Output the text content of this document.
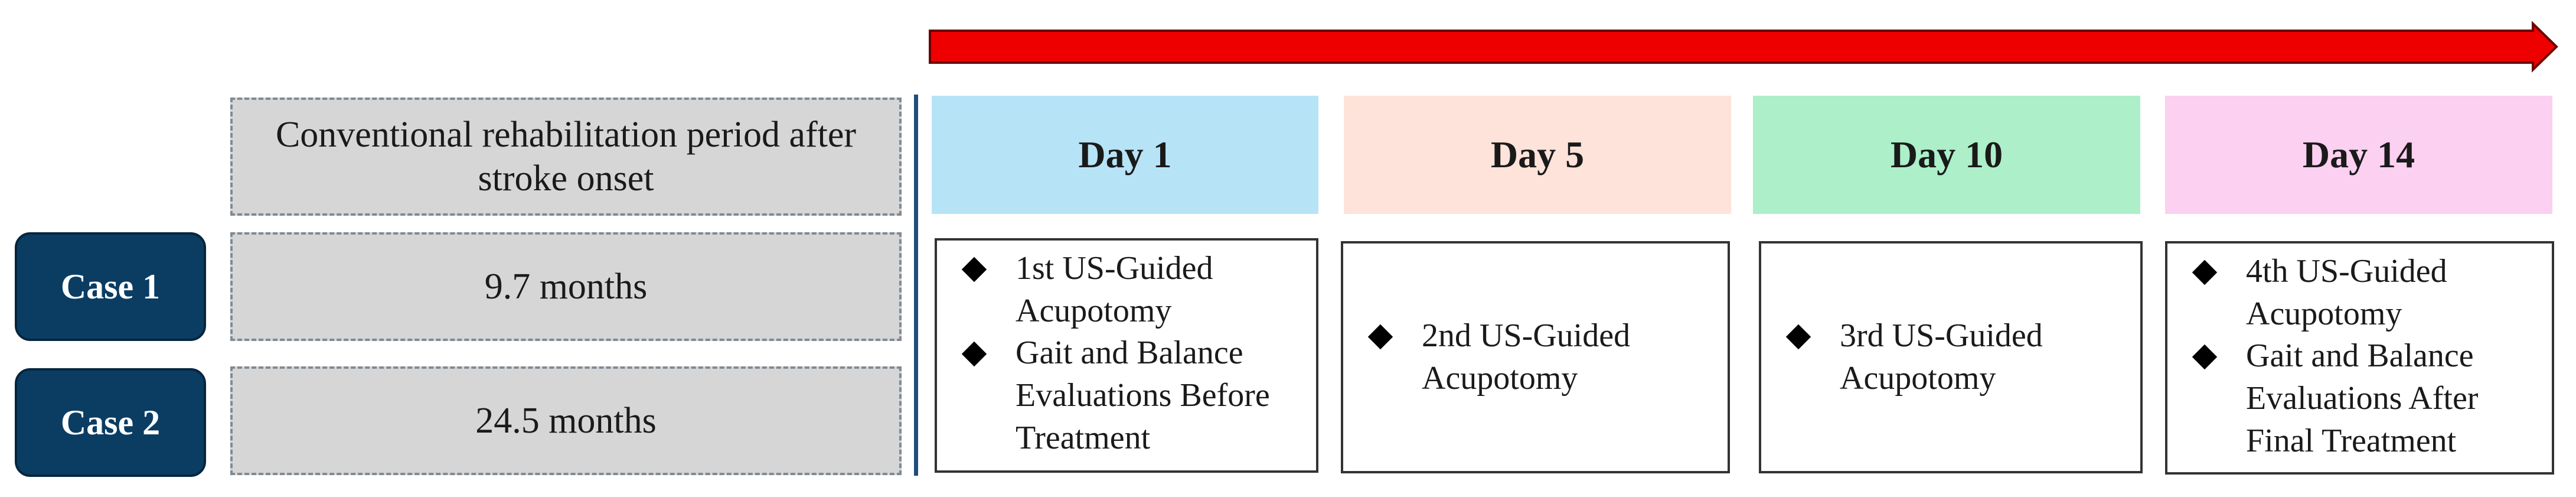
Conventional rehabilitation period after stroke onset
Case 1	9.7 months
Case 2	24.5 months
Day 1	Day 5	Day 10	Day 14
1st US-Guided Acupotomy
Gait and Balance Evaluations Before Treatment
2nd US-Guided Acupotomy
3rd US-Guided Acupotomy
4th US-Guided Acupotomy
Gait and Balance Evaluations After Final Treatment
